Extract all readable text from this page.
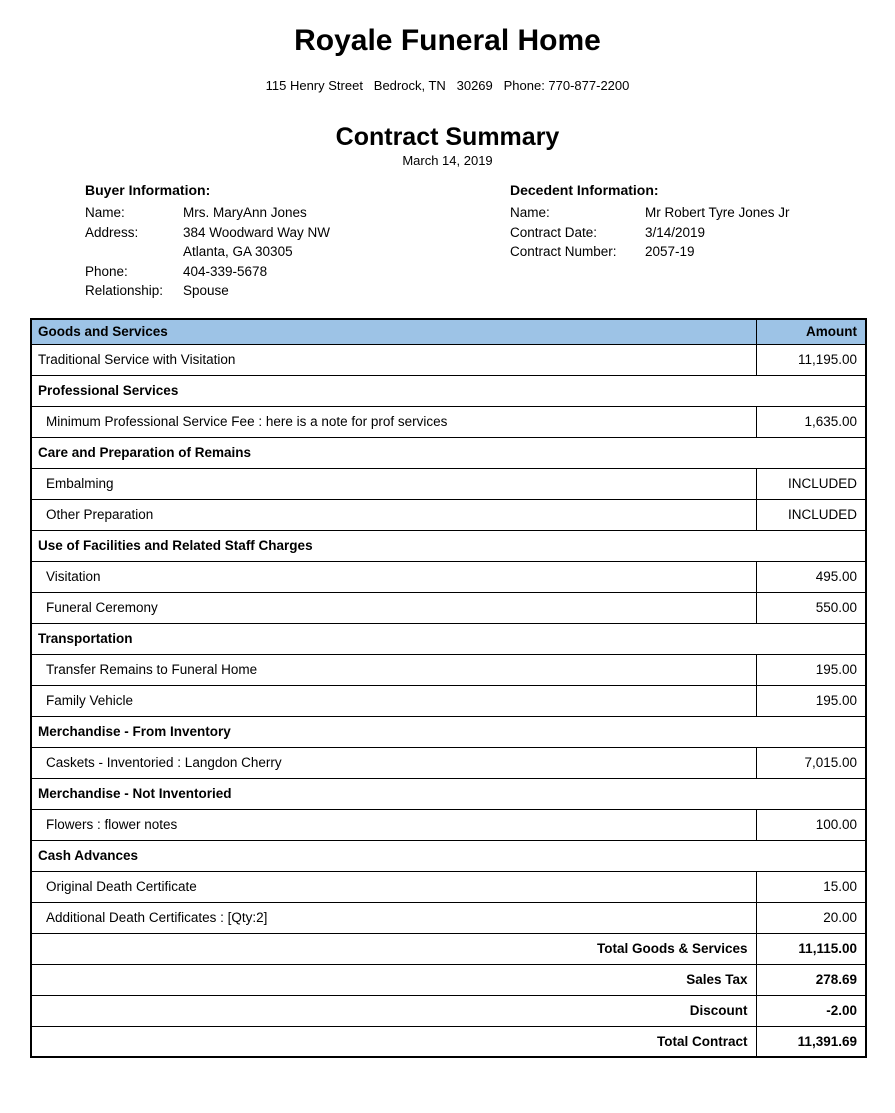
Royale Funeral Home
115 Henry Street   Bedrock, TN   30269   Phone: 770-877-2200
Contract Summary
March 14, 2019
Buyer Information:
Name:	Mrs. MaryAnn Jones
Address:	384 Woodward Way NW
Atlanta, GA 30305
Phone:	404-339-5678
Relationship:	Spouse
Decedent Information:
Name:	Mr Robert Tyre Jones Jr
Contract Date:	3/14/2019
Contract Number:	2057-19
Goods and Services	Amount
Traditional Service with Visitation	11,195.00
Professional Services	
Minimum Professional Service Fee : here is a note for prof services	1,635.00
Care and Preparation of Remains	
Embalming	INCLUDED
Other Preparation	INCLUDED
Use of Facilities and Related Staff Charges	
Visitation	495.00
Funeral Ceremony	550.00
Transportation	
Transfer Remains to Funeral Home	195.00
Family Vehicle	195.00
Merchandise - From Inventory	
Caskets - Inventoried : Langdon Cherry	7,015.00
Merchandise - Not Inventoried	
Flowers : flower notes	100.00
Cash Advances	
Original Death Certificate	15.00
Additional Death Certificates : [Qty:2]	20.00
Total Goods & Services	11,115.00
Sales Tax	278.69
Discount	-2.00
Total Contract	11,391.69
